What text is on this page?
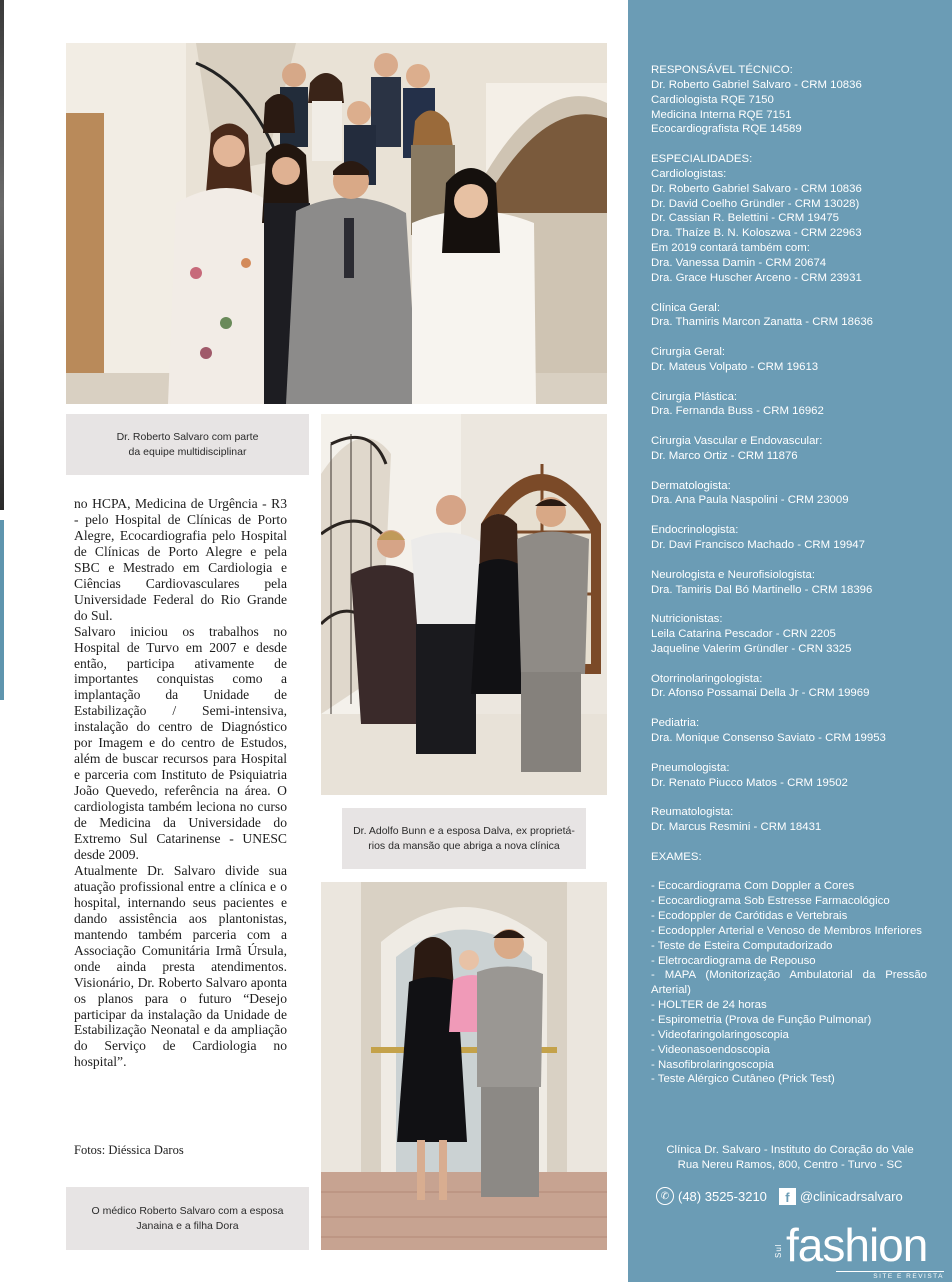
Dr. Roberto Salvaro com parte
da equipe multidisciplinar
Dr. Adolfo Bunn e a esposa Dalva, ex proprietá-
rios da mansão que abriga a nova clínica
O médico Roberto Salvaro com a esposa
Janaina e a filha Dora

no HCPA, Medicina de Urgência - R3 - pelo Hospital de Clínicas de Porto Alegre, Ecocardiografia pelo Hospital de Clínicas de Porto Alegre e pela SBC e Mestrado em Cardiologia e Ciências Cardiovasculares pela Universidade Federal do Rio Grande do Sul.

Salvaro iniciou os trabalhos no Hospital de Turvo em 2007 e desde então, participa ativamente de importantes conquistas como a implantação da Unidade de Estabilização / Semi-intensiva, instalação do centro de Diagnóstico por Imagem e do centro de Estudos, além de buscar recursos para Hospital e parceria com Instituto de Psiquiatria João Quevedo, referência na área. O cardiologista também leciona no curso de Medicina da Universidade do Extremo Sul Catarinense - UNESC desde 2009.

Atualmente Dr. Salvaro divide sua atuação profissional entre a clínica e o hospital, internando seus pacientes e dando assistência aos plantonistas, mantendo também parceria com a Associação Comunitária Irmã Úrsula, onde ainda presta atendimentos. Visionário, Dr. Roberto Salvaro aponta os planos para o futuro “Desejo participar da instalação da Unidade de Estabilização Neonatal e da ampliação do Serviço de Cardiologia no hospital”.

Fotos: Diéssica Daros
RESPONSÁVEL TÉCNICO:
Dr. Roberto Gabriel Salvaro - CRM 10836
Cardiologista RQE 7150
Medicina Interna RQE 7151
Ecocardiografista RQE 14589
ESPECIALIDADES:
Cardiologistas:
Dr. Roberto Gabriel Salvaro - CRM 10836
Dr. David Coelho Gründler - CRM 13028)
Dr. Cassian R. Belettini - CRM 19475
Dra. Thaíze B. N. Koloszwa - CRM 22963
Em 2019 contará também com:
Dra. Vanessa Damin - CRM 20674
Dra. Grace Huscher Arceno - CRM 23931
Clínica Geral:
Dra. Thamiris Marcon Zanatta - CRM 18636
Cirurgia Geral:
Dr. Mateus Volpato - CRM 19613
Cirurgia Plástica:
Dra. Fernanda Buss - CRM 16962
Cirurgia Vascular e Endovascular:
Dr. Marco Ortiz - CRM 11876
Dermatologista:
Dra. Ana Paula Naspolini - CRM 23009
Endocrinologista:
Dr. Davi Francisco Machado - CRM 19947
Neurologista e Neurofisiologista:
Dra. Tamiris Dal Bó Martinello - CRM 18396
Nutricionistas:
Leila Catarina Pescador - CRN 2205
Jaqueline Valerim Gründler - CRN 3325
Otorrinolaringologista:
Dr. Afonso Possamai Della Jr - CRM 19969
Pediatria:
Dra. Monique Consenso Saviato - CRM 19953
Pneumologista:
Dr. Renato Piucco Matos - CRM 19502
Reumatologista:
Dr. Marcus Resmini - CRM 18431
EXAMES:
- Ecocardiograma Com Doppler a Cores
- Ecocardiograma Sob Estresse Farmacológico
- Ecodoppler de Carótidas e Vertebrais
- Ecodoppler Arterial e Venoso de Membros Inferiores
- Teste de Esteira Computadorizado
- Eletrocardiograma de Repouso
- MAPA (Monitorização Ambulatorial da Pressão Arterial)
- HOLTER de 24 horas
- Espirometria (Prova de Função Pulmonar)
- Videofaringolaringoscopia
- Videonasoendoscopia
- Nasofibrolaringoscopia
- Teste Alérgico Cutâneo (Prick Test)
Clínica Dr. Salvaro - Instituto do Coração do Vale
Rua Nereu Ramos, 800, Centro - Turvo - SC
✆ (48) 3525-3210	f @clinicadrsalvaro
Sul fashion
SITE E REVISTA
